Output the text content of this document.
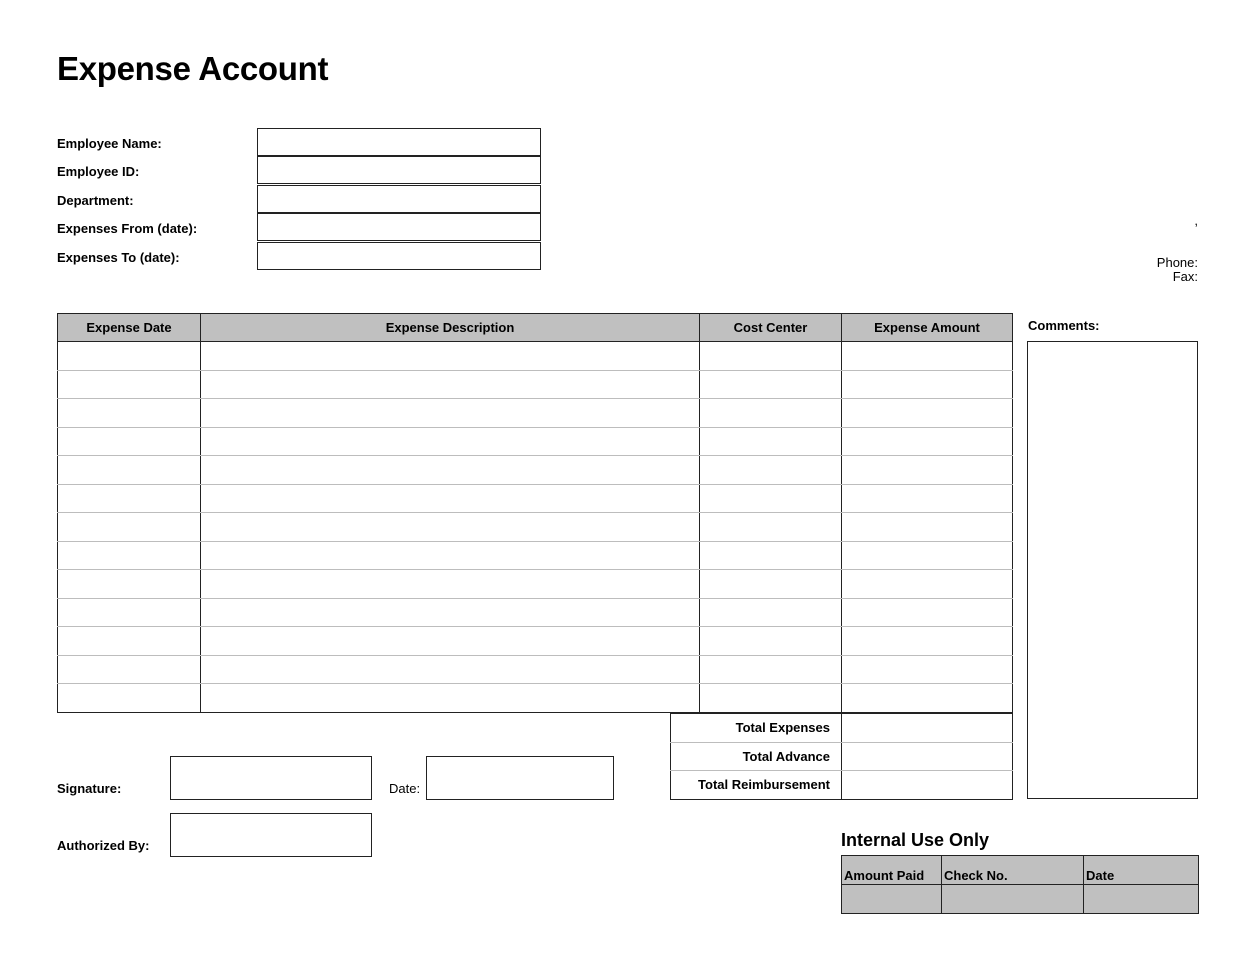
Expense Account
Employee Name:
Employee ID:
Department:
Expenses From (date):
Expenses To (date):
,
Phone:
Fax:
Expense Date	Expense Description	Cost Center	Expense Amount

Total Expenses	
Total Advance	
Total Reimbursement	
Comments:
Signature:	Date:
Authorized By:	Internal Use Only
Amount Paid	Check No.	Date
